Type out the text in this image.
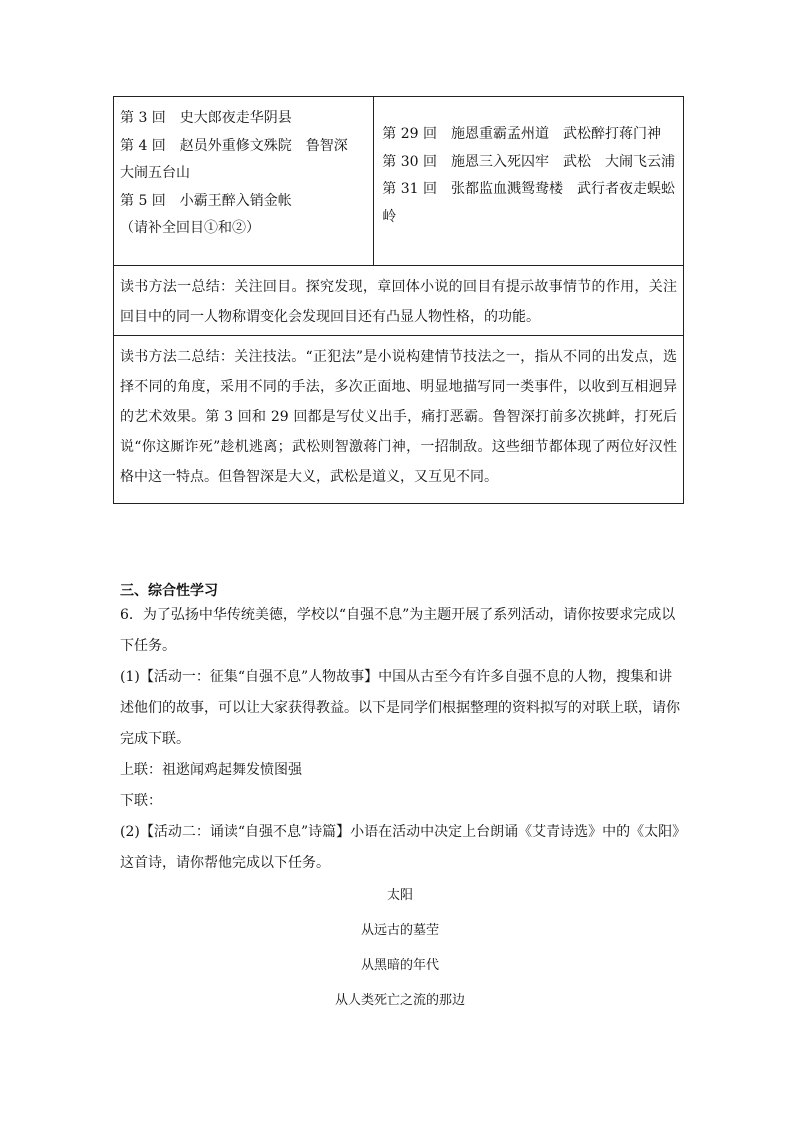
第 3 回　史大郎夜走华阴县
第 4 回　赵员外重修文殊院　鲁智深　大闹五台山
第 5 回　小霸王醉入销金帐
（请补全回目①和②）
第 29 回　施恩重霸孟州道　武松醉打蒋门神
第 30 回　施恩三入死囚牢　武松　大闹飞云浦
第 31 回　张都监血溅鸳鸯楼　武行者夜走蜈蚣岭
读书方法一总结：关注回目。探究发现，章回体小说的回目有提示故事情节的作用，关注回目中的同一人物称谓变化会发现回目还有凸显人物性格，的功能。
读书方法二总结：关注技法。“正犯法”是小说构建情节技法之一，指从不同的出发点，选择不同的角度，采用不同的手法，多次正面地、明显地描写同一类事件，以收到互相迥异的艺术效果。第 3 回和 29 回都是写仗义出手，痛打恶霸。鲁智深打前多次挑衅，打死后说“你这厮诈死”趁机逃离；武松则智激蒋门神，一招制敌。这些细节都体现了两位好汉性格中这一特点。但鲁智深是大义，武松是道义，又互见不同。
三、综合性学习
6．为了弘扬中华传统美德，学校以“自强不息”为主题开展了系列活动，请你按要求完成以下任务。
(1)【活动一：征集“自强不息”人物故事】中国从古至今有许多自强不息的人物，搜集和讲述他们的故事，可以让大家获得教益。以下是同学们根据整理的资料拟写的对联上联，请你完成下联。
上联：祖逖闻鸡起舞发愤图强
下联：
(2)【活动二：诵读“自强不息”诗篇】小语在活动中决定上台朗诵《艾青诗选》中的《太阳》这首诗，请你帮他完成以下任务。
太阳
从远古的墓茔
从黑暗的年代
从人类死亡之流的那边
